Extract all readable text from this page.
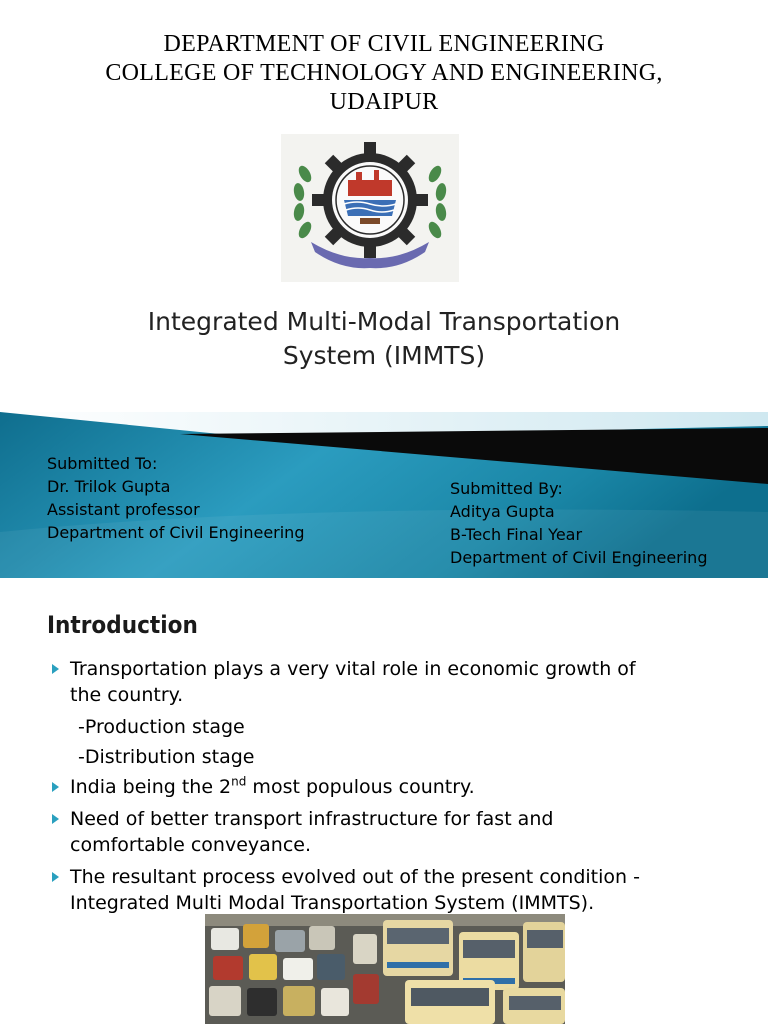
DEPARTMENT OF CIVIL ENGINEERING
COLLEGE OF TECHNOLOGY AND ENGINEERING,
UDAIPUR
Integrated Multi-Modal Transportation
System (IMMTS)
Submitted To:
Dr. Trilok Gupta
Assistant professor
Department of Civil Engineering
Submitted By:
Aditya Gupta
B-Tech Final Year
Department of Civil Engineering
Introduction
Transportation plays a very vital role in economic growth of
the country.
-Production stage
-Distribution stage
India being the 2nd most populous country.
Need of better transport infrastructure for fast and
comfortable conveyance.
The resultant process evolved out of the present condition -
Integrated Multi Modal Transportation System (IMMTS).
